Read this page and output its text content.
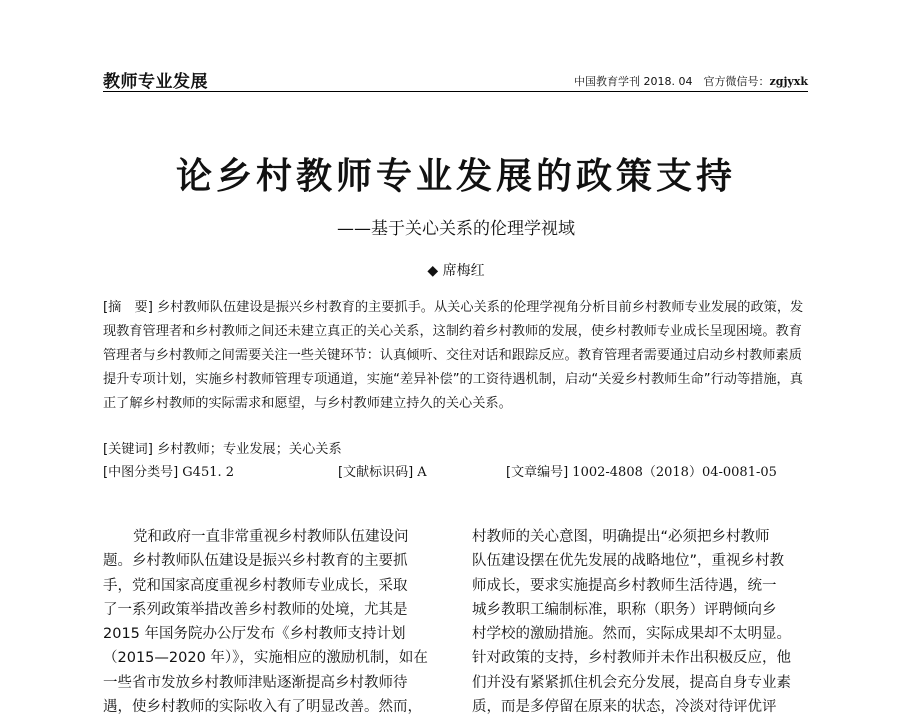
教师专业发展	中国教育学刊 2018. 04　官方微信号：zgjyxk
论乡村教师专业发展的政策支持
——基于关心关系的伦理学视域
◆ 席梅红
[摘　要] 乡村教师队伍建设是振兴乡村教育的主要抓手。从关心关系的伦理学视角分析目前乡村教师专业发展的政策，发现教育管理者和乡村教师之间还未建立真正的关心关系，这制约着乡村教师的发展，使乡村教师专业成长呈现困境。教育管理者与乡村教师之间需要关注一些关键环节：认真倾听、交往对话和跟踪反应。教育管理者需要通过启动乡村教师素质提升专项计划，实施乡村教师管理专项通道，实施“差异补偿”的工资待遇机制，启动“关爱乡村教师生命”行动等措施，真正了解乡村教师的实际需求和愿望，与乡村教师建立持久的关心关系。
[关键词] 乡村教师；专业发展；关心关系
[中图分类号] G451. 2	[文献标识码] A	[文章编号] 1002-4808（2018）04-0081-05
党和政府一直非常重视乡村教师队伍建设问
题。乡村教师队伍建设是振兴乡村教育的主要抓
手，党和国家高度重视乡村教师专业成长，采取
了一系列政策举措改善乡村教师的处境，尤其是
2015 年国务院办公厅发布《乡村教师支持计划
（2015—2020 年）》，实施相应的激励机制，如在
一些省市发放乡村教师津贴逐渐提高乡村教师待
遇，使乡村教师的实际收入有了明显改善。然而，
村教师的关心意图，明确提出“必须把乡村教师
队伍建设摆在优先发展的战略地位”，重视乡村教
师成长，要求实施提高乡村教师生活待遇，统一
城乡教职工编制标准，职称（职务）评聘倾向乡
村学校的激励措施。然而，实际成果却不太明显。
针对政策的支持，乡村教师并未作出积极反应，他
们并没有紧紧抓住机会充分发展，提高自身专业素
质，而是多停留在原来的状态，冷淡对待评优评
